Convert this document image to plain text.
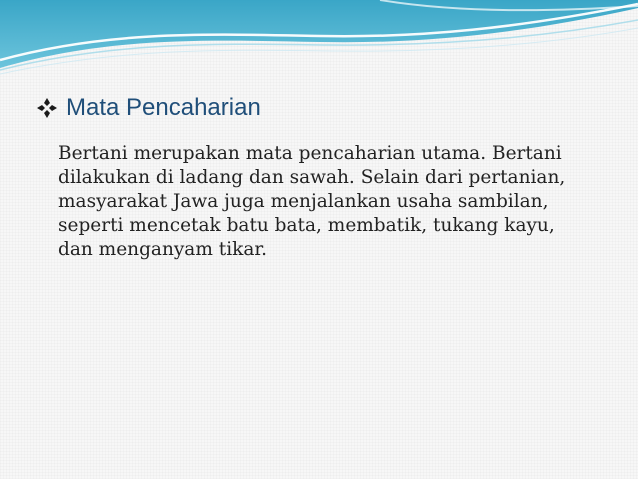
Mata Pencaharian
Bertani merupakan mata pencaharian utama. Bertani
dilakukan di ladang dan sawah. Selain dari pertanian,
masyarakat Jawa juga menjalankan usaha sambilan,
seperti mencetak batu bata, membatik, tukang kayu,
dan menganyam tikar.
